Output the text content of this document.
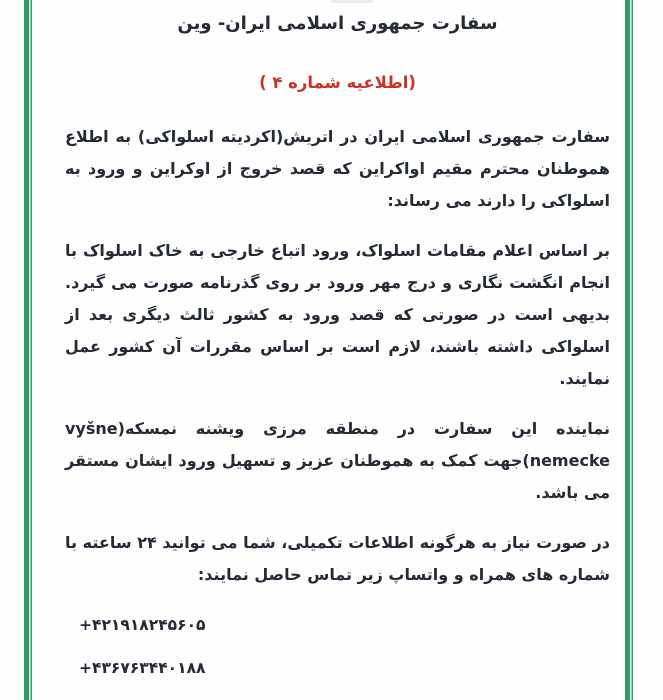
سفارت جمهوری اسلامی ایران- وین
(اطلاعیه شماره ۴ )

سفارت جمهوری اسلامی ایران در اتریش(اکردیته اسلواکی) به اطلاع هموطنان محترم مقیم اواکراین که قصد خروج از اوکراین و ورود به اسلواکی را دارند می رساند:

بر اساس اعلام مقامات اسلواک، ورود اتباع خارجی به خاک اسلواک با انجام انگشت نگاری و درج مهر ورود بر روی گذرنامه صورت می گیرد. بدیهی است در صورتی که قصد ورود به کشور ثالث دیگری بعد از اسلواکی داشته باشند، لازم است بر اساس مقررات آن کشور عمل نمایند.

نماینده این سفارت در منطقه مرزی ویشنه نمسکه(vyšne nemecke)جهت کمک به هموطنان عزیز و تسهیل ورود ایشان مستقر می باشد.

در صورت نیاز به هرگونه اطلاعات تکمیلی، شما می توانید ۲۴ ساعته با شماره های همراه و واتساپ زیر تماس حاصل نمایند:

+۴۲۱۹۱۸۲۴۵۶۰۵
+۴۳۶۷۶۳۴۴۰۱۸۸
